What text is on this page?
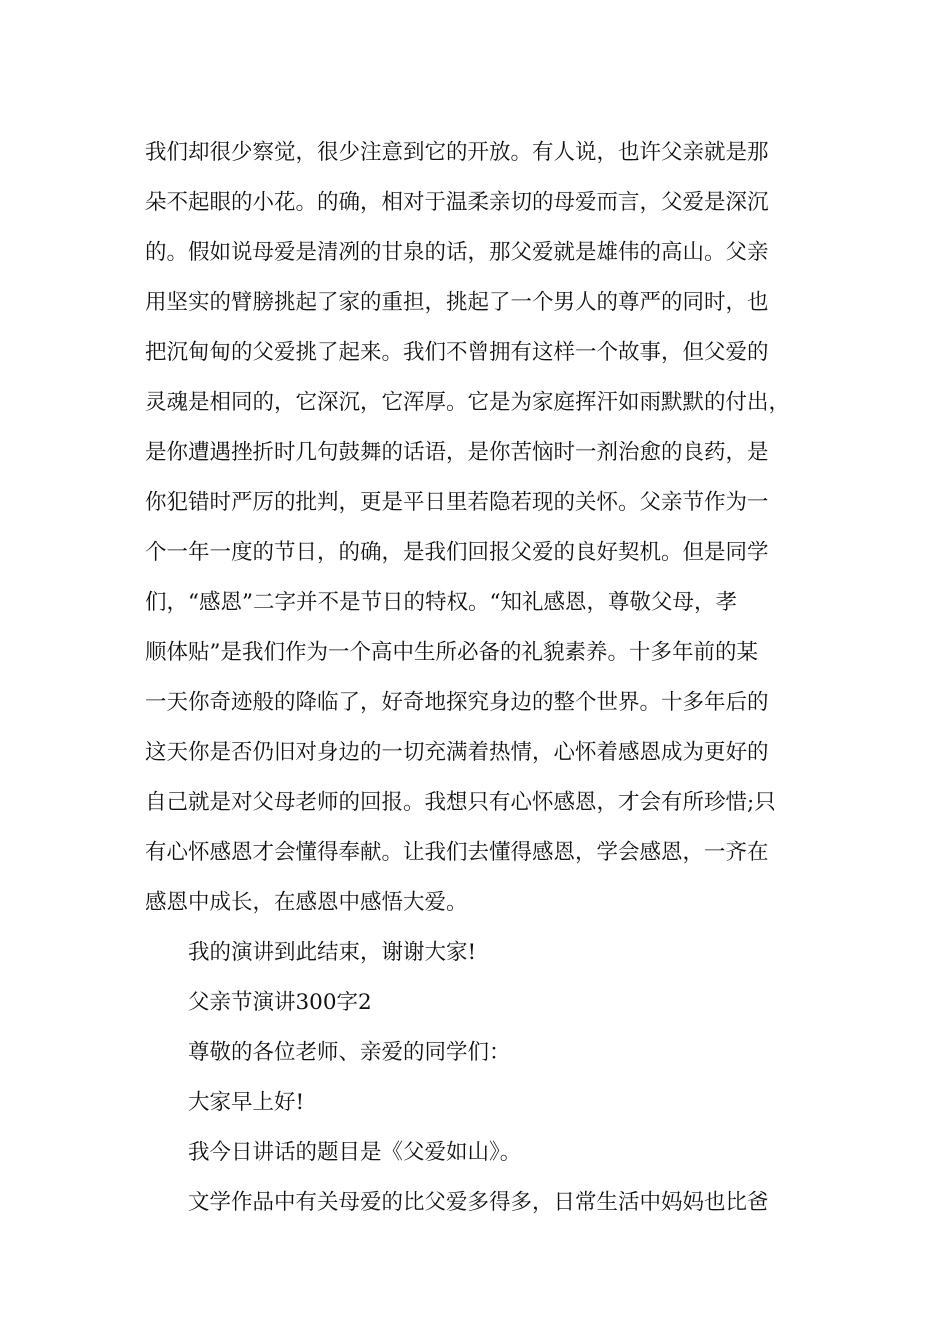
我们却很少察觉，很少注意到它的开放。有人说，也许父亲就是那
朵不起眼的小花。的确，相对于温柔亲切的母爱而言，父爱是深沉
的。假如说母爱是清冽的甘泉的话，那父爱就是雄伟的高山。父亲
用坚实的臂膀挑起了家的重担，挑起了一个男人的尊严的同时，也
把沉甸甸的父爱挑了起来。我们不曾拥有这样一个故事，但父爱的
灵魂是相同的，它深沉，它浑厚。它是为家庭挥汗如雨默默的付出，
是你遭遇挫折时几句鼓舞的话语，是你苦恼时一剂治愈的良药，是
你犯错时严厉的批判，更是平日里若隐若现的关怀。父亲节作为一
个一年一度的节日，的确，是我们回报父爱的良好契机。但是同学
们，“感恩”二字并不是节日的特权。“知礼感恩，尊敬父母，孝
顺体贴”是我们作为一个高中生所必备的礼貌素养。十多年前的某
一天你奇迹般的降临了，好奇地探究身边的整个世界。十多年后的
这天你是否仍旧对身边的一切充满着热情，心怀着感恩成为更好的
自己就是对父母老师的回报。我想只有心怀感恩，才会有所珍惜;只
有心怀感恩才会懂得奉献。让我们去懂得感恩，学会感恩，一齐在
感恩中成长，在感恩中感悟大爱。
我的演讲到此结束，谢谢大家!
父亲节演讲300字2
尊敬的各位老师、亲爱的同学们：
大家早上好!
我今日讲话的题目是《父爱如山》。
文学作品中有关母爱的比父爱多得多，日常生活中妈妈也比爸
